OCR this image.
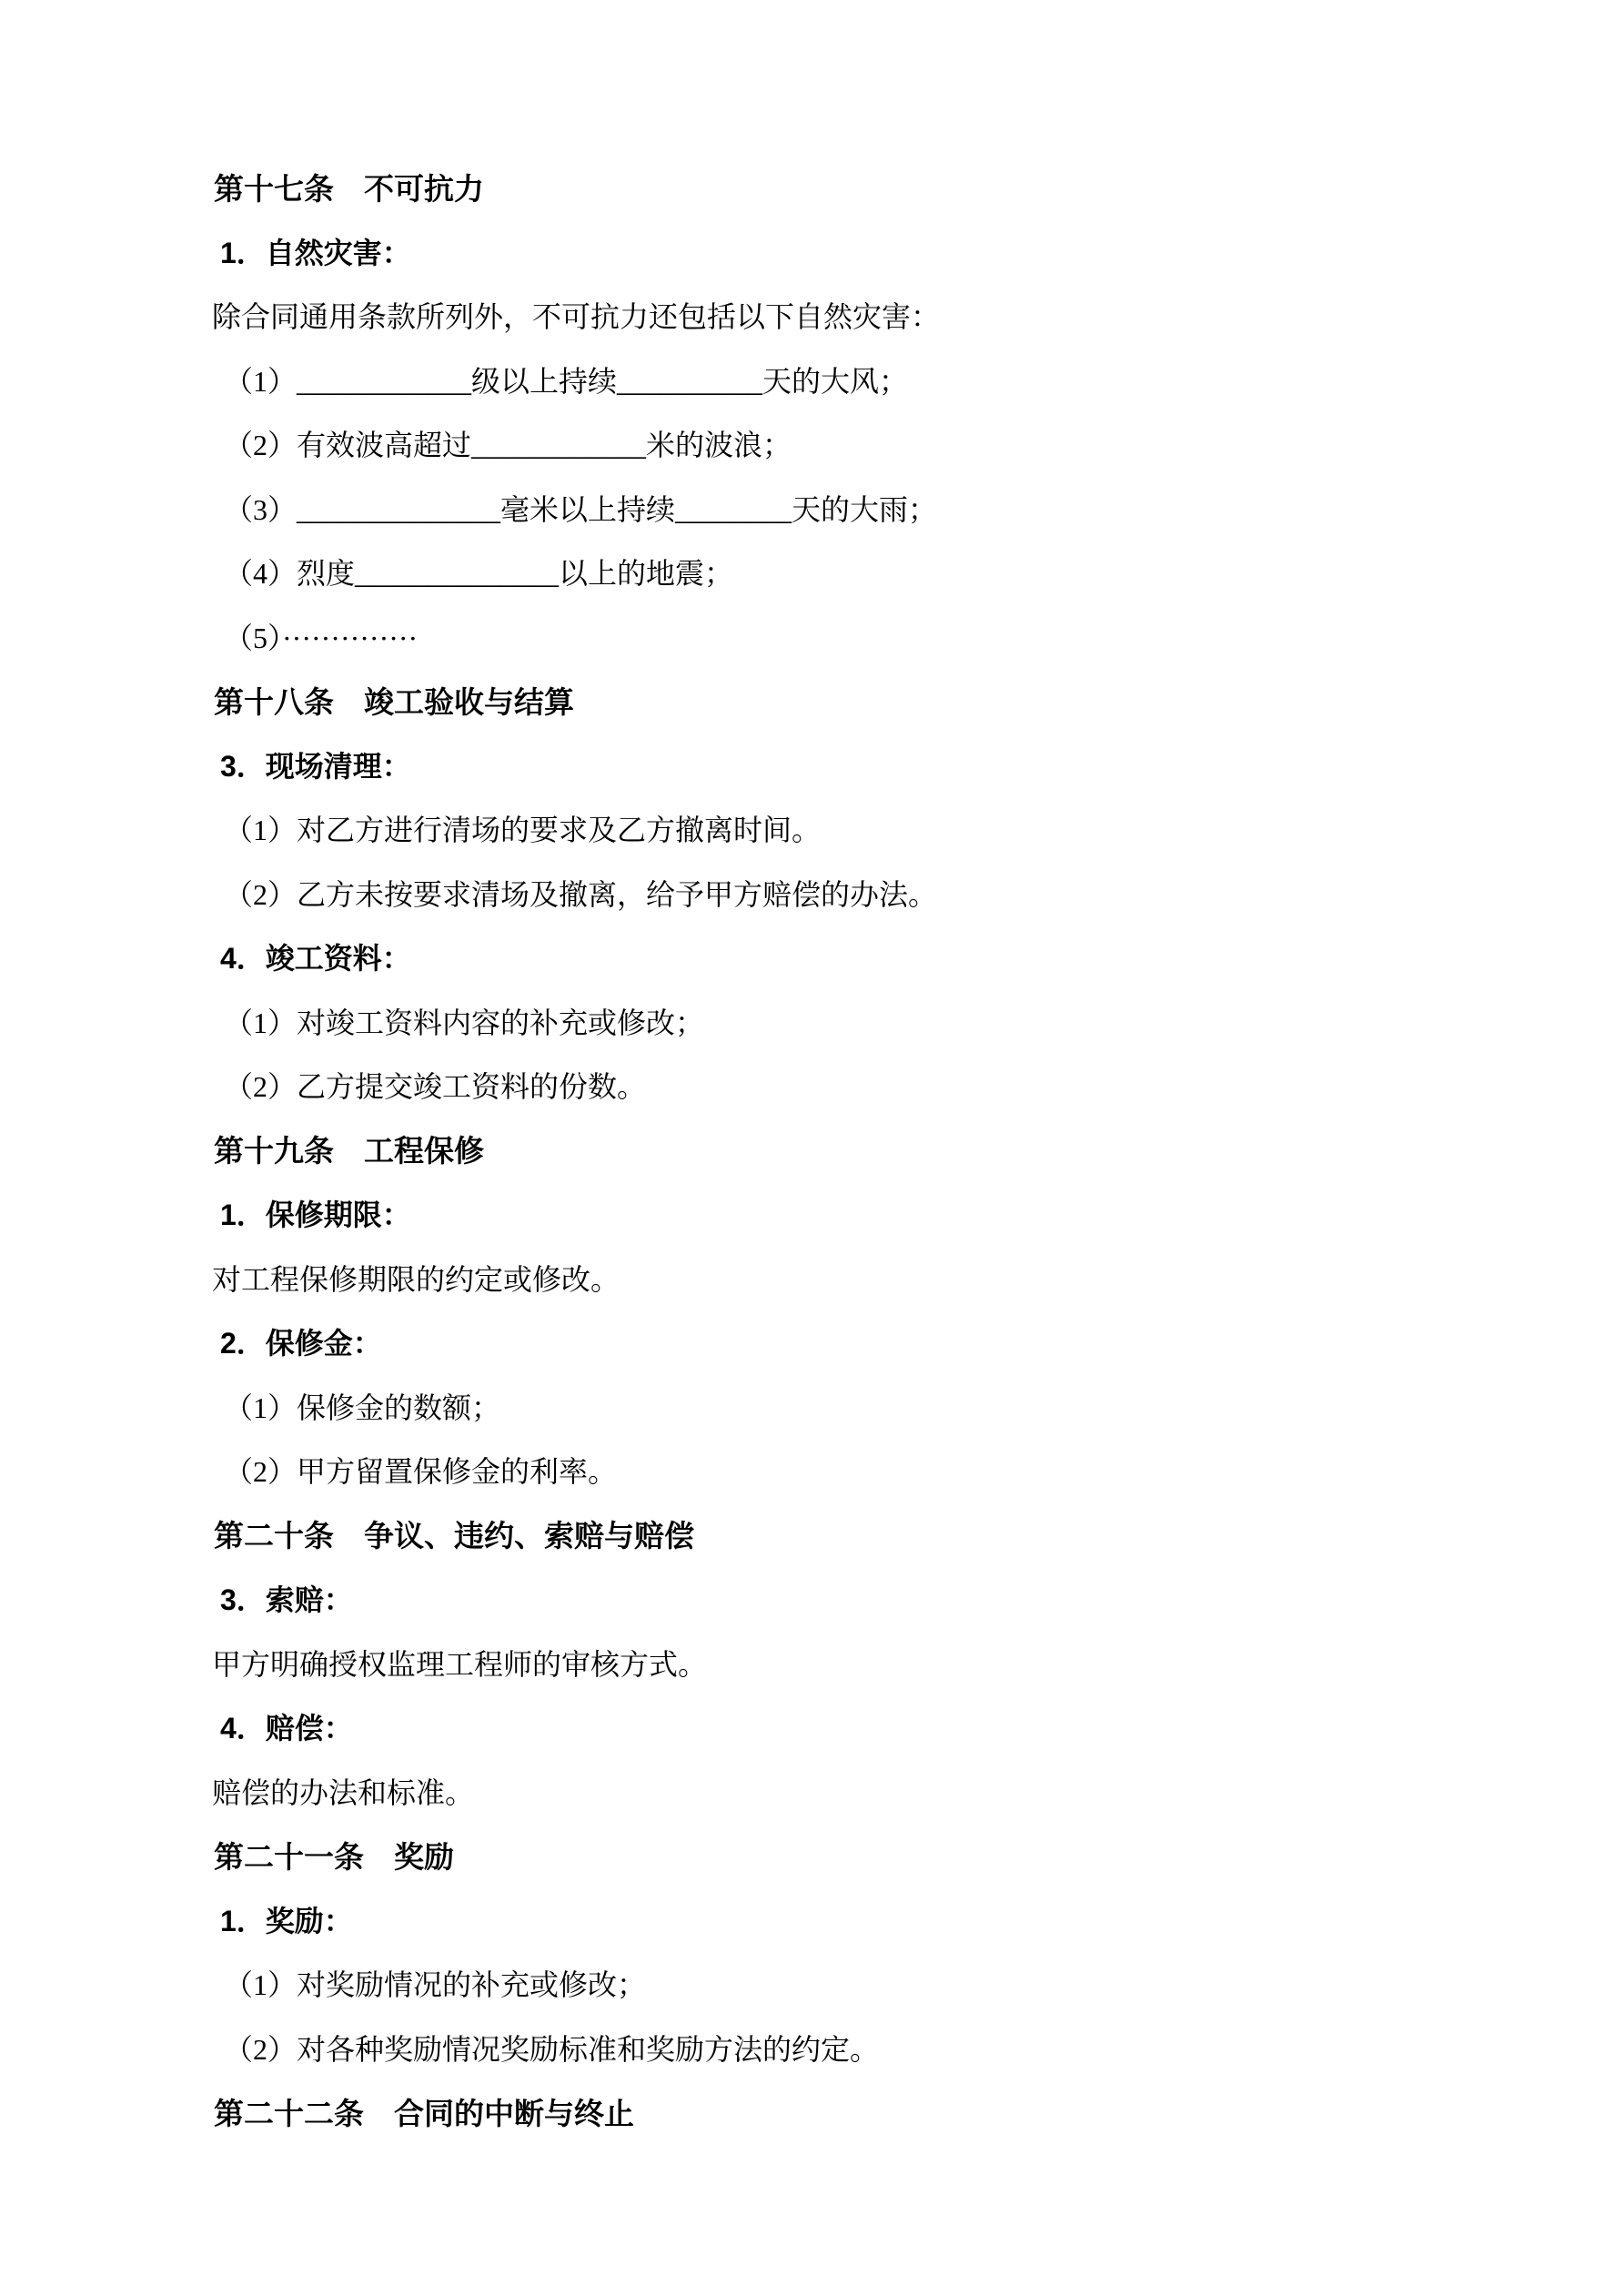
第十七条　不可抗力
1．自然灾害：
除合同通用条款所列外，不可抗力还包括以下自然灾害：
（1）____________级以上持续__________天的大风；
（2）有效波高超过____________米的波浪；
（3）______________毫米以上持续________天的大雨；
（4）烈度______________以上的地震；
（5）··············
第十八条　竣工验收与结算
3．现场清理：
（1）对乙方进行清场的要求及乙方撤离时间。
（2）乙方未按要求清场及撤离，给予甲方赔偿的办法。
4．竣工资料：
（1）对竣工资料内容的补充或修改；
（2）乙方提交竣工资料的份数。
第十九条　工程保修
1．保修期限：
对工程保修期限的约定或修改。
2．保修金：
（1）保修金的数额；
（2）甲方留置保修金的利率。
第二十条　争议、违约、索赔与赔偿
3．索赔：
甲方明确授权监理工程师的审核方式。
4．赔偿：
赔偿的办法和标准。
第二十一条　奖励
1．奖励：
（1）对奖励情况的补充或修改；
（2）对各种奖励情况奖励标准和奖励方法的约定。
第二十二条　合同的中断与终止
